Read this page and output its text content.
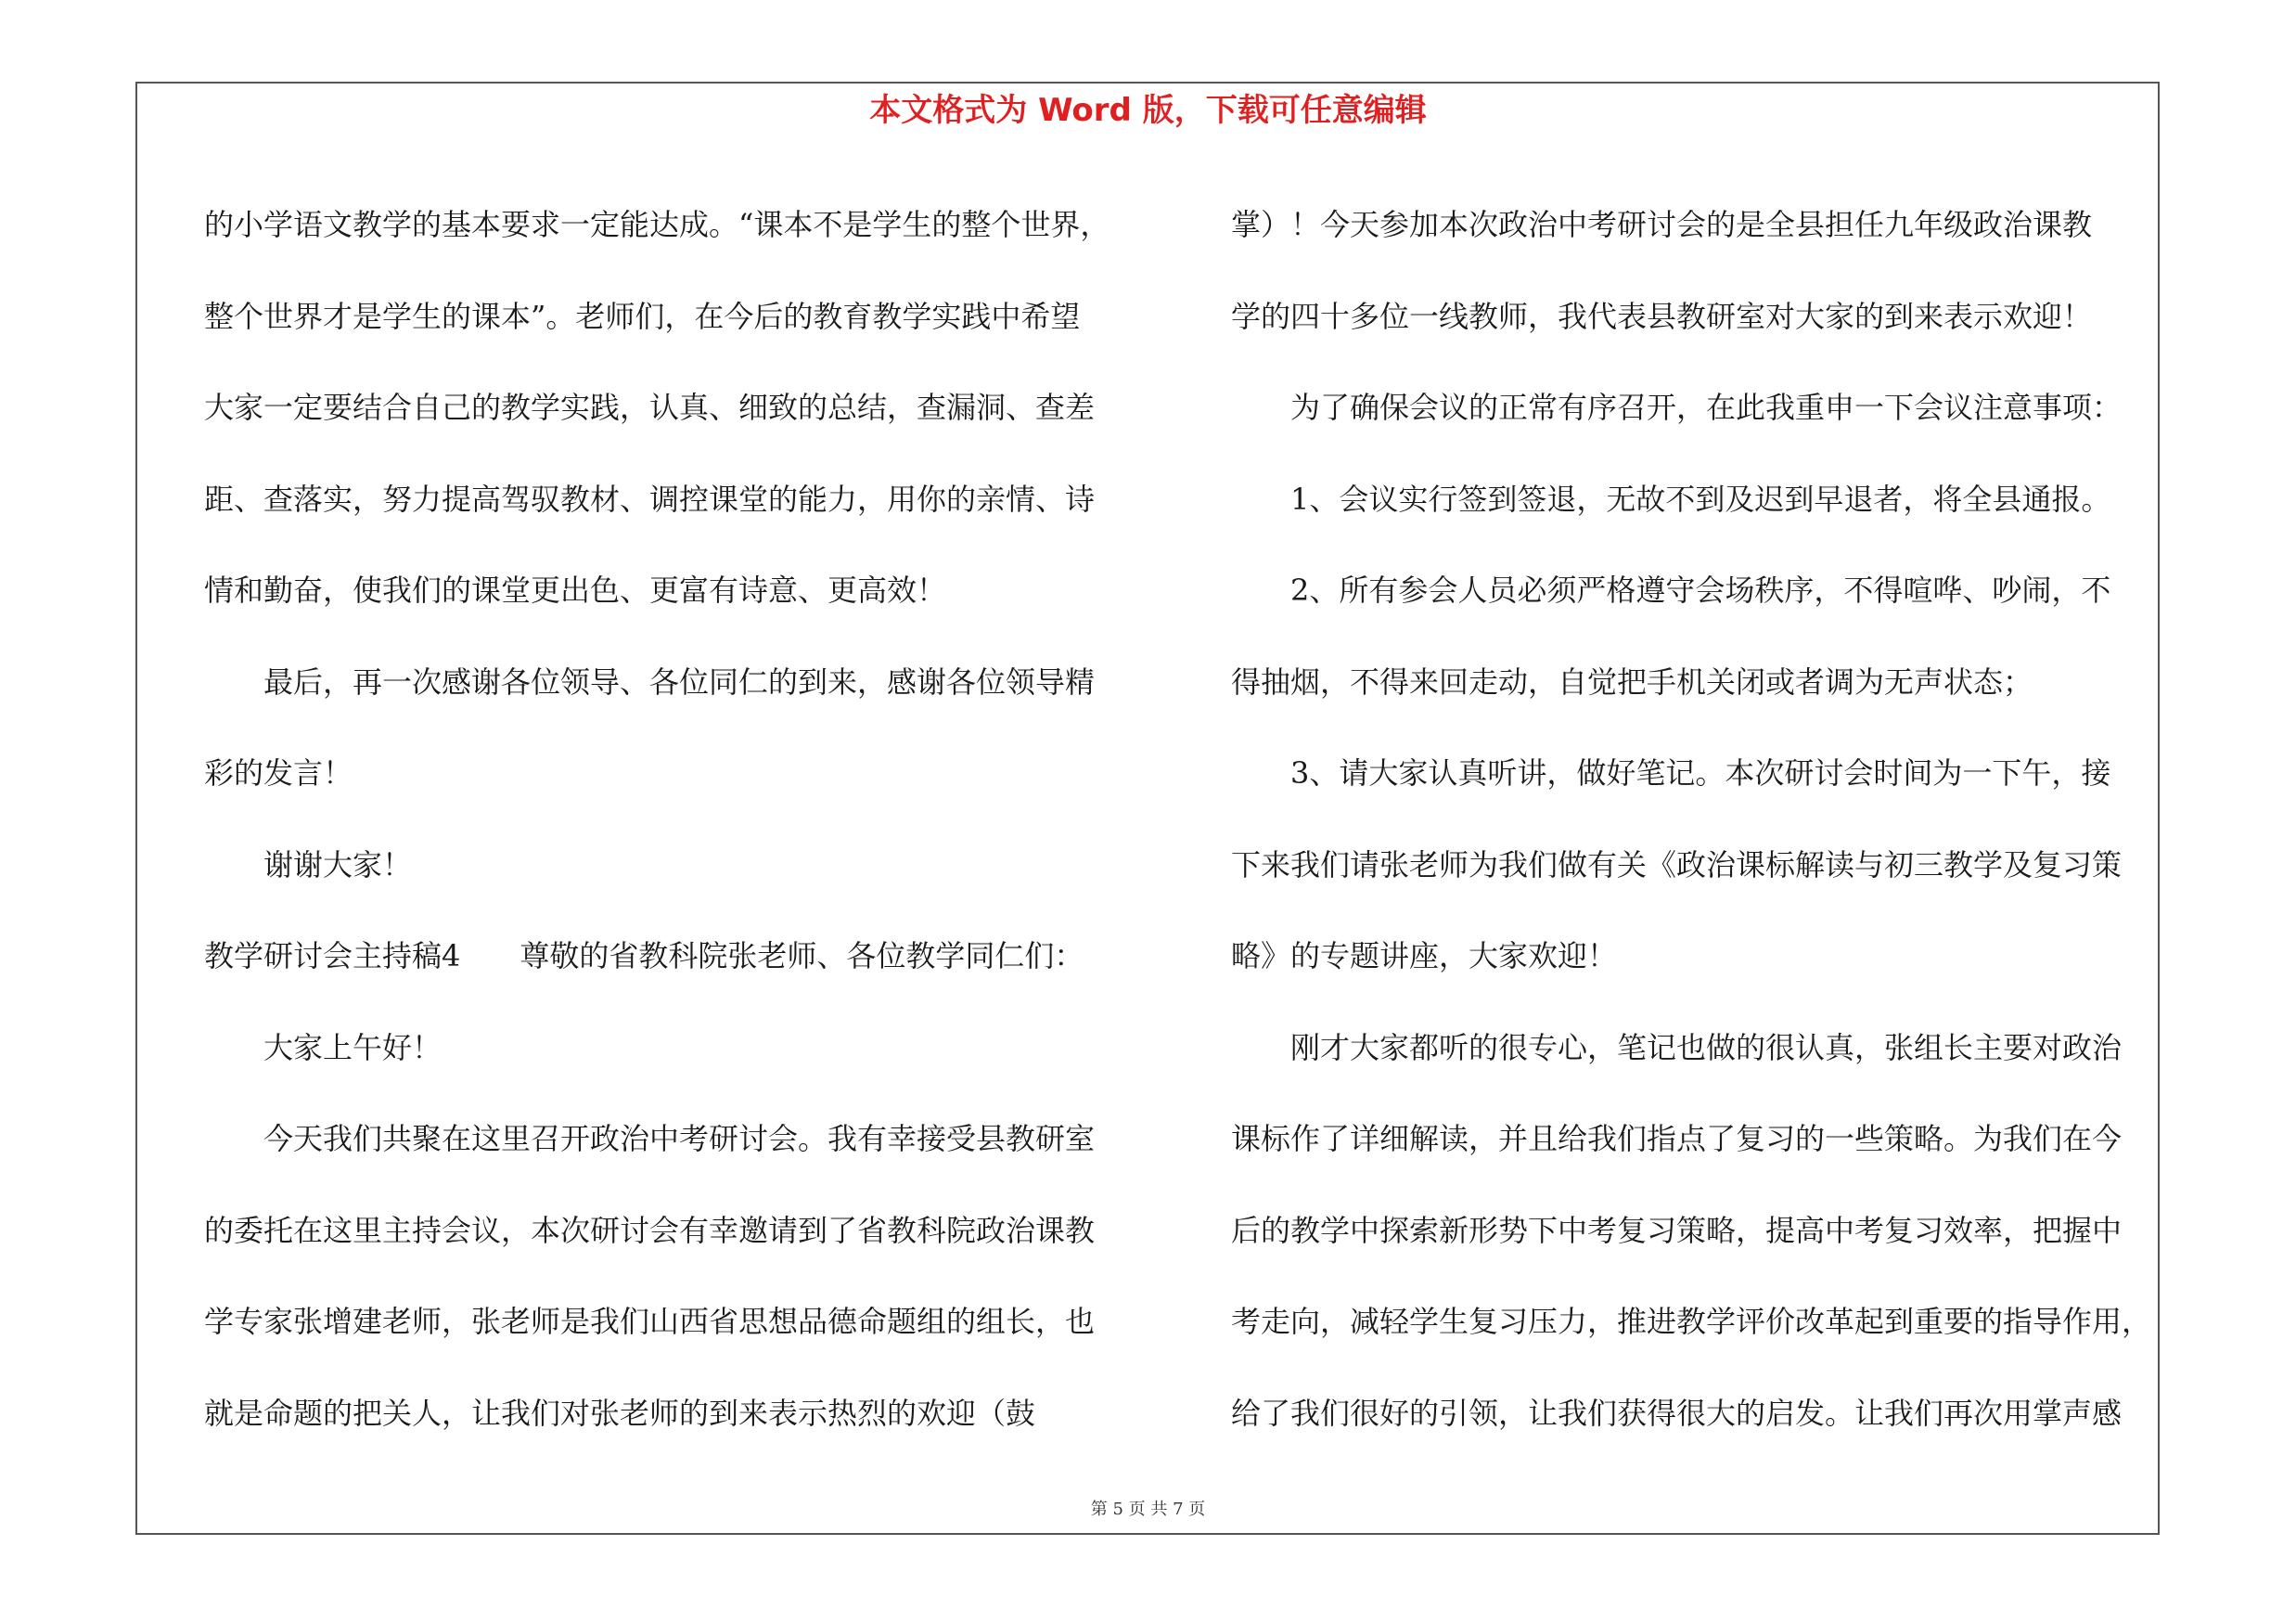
本文格式为 Word 版，下载可任意编辑
的小学语文教学的基本要求一定能达成。“课本不是学生的整个世界，
整个世界才是学生的课本”。老师们，在今后的教育教学实践中希望
大家一定要结合自己的教学实践，认真、细致的总结，查漏洞、查差
距、查落实，努力提高驾驭教材、调控课堂的能力，用你的亲情、诗
情和勤奋，使我们的课堂更出色、更富有诗意、更高效！
最后，再一次感谢各位领导、各位同仁的到来，感谢各位领导精
彩的发言！
谢谢大家！
教学研讨会主持稿4　　尊敬的省教科院张老师、各位教学同仁们：
大家上午好！
今天我们共聚在这里召开政治中考研讨会。我有幸接受县教研室
的委托在这里主持会议，本次研讨会有幸邀请到了省教科院政治课教
学专家张增建老师，张老师是我们山西省思想品德命题组的组长，也
就是命题的把关人，让我们对张老师的到来表示热烈的欢迎（鼓
掌）！今天参加本次政治中考研讨会的是全县担任九年级政治课教
学的四十多位一线教师，我代表县教研室对大家的到来表示欢迎！
为了确保会议的正常有序召开，在此我重申一下会议注意事项：
1、会议实行签到签退，无故不到及迟到早退者，将全县通报。
2、所有参会人员必须严格遵守会场秩序，不得喧哗、吵闹，不
得抽烟，不得来回走动，自觉把手机关闭或者调为无声状态；
3、请大家认真听讲，做好笔记。本次研讨会时间为一下午，接
下来我们请张老师为我们做有关《政治课标解读与初三教学及复习策
略》的专题讲座，大家欢迎！
刚才大家都听的很专心，笔记也做的很认真，张组长主要对政治
课标作了详细解读，并且给我们指点了复习的一些策略。为我们在今
后的教学中探索新形势下中考复习策略，提高中考复习效率，把握中
考走向，减轻学生复习压力，推进教学评价改革起到重要的指导作用，
给了我们很好的引领，让我们获得很大的启发。让我们再次用掌声感
第 5 页 共 7 页
